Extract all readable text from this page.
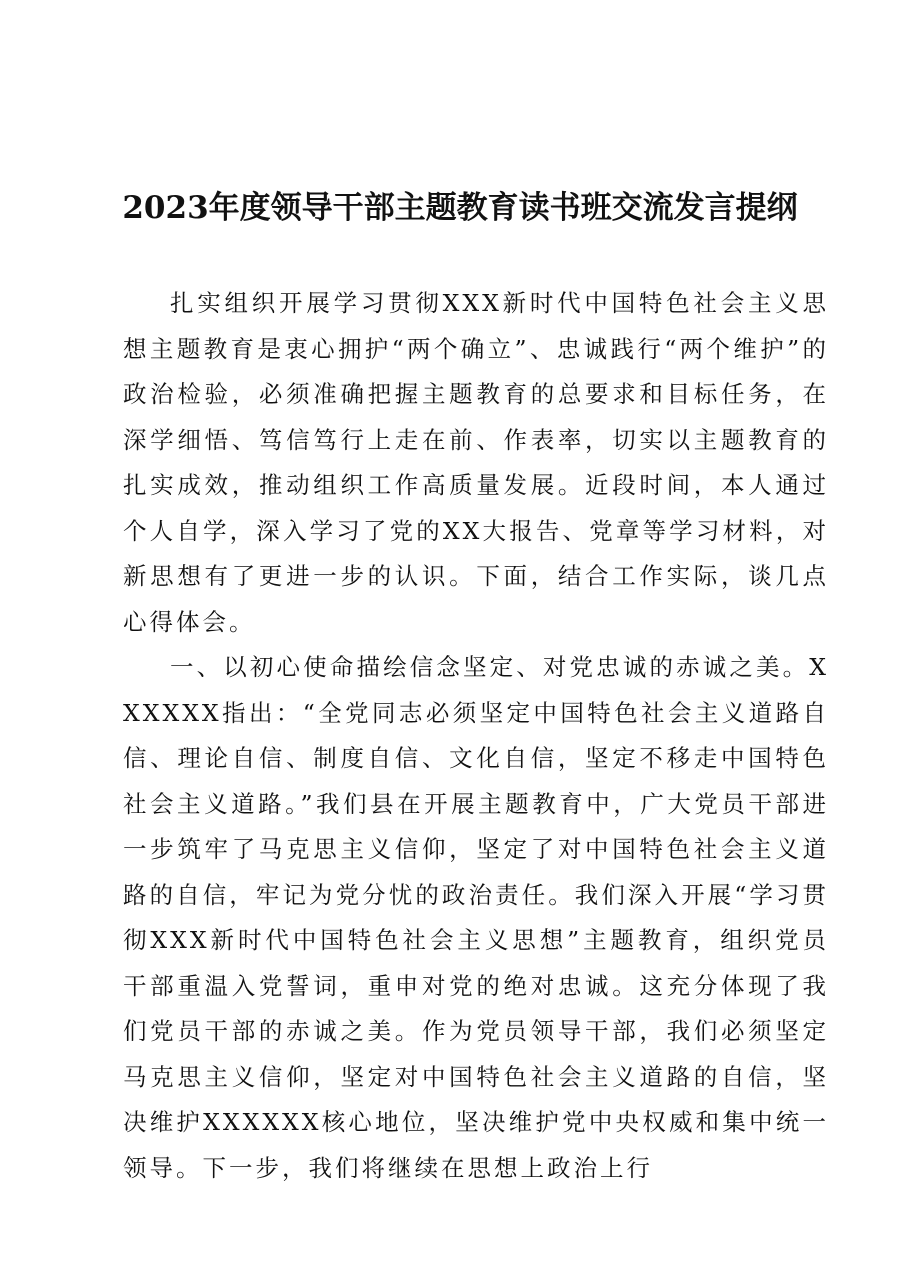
2023年度领导干部主题教育读书班交流发言提纲

扎实组织开展学习贯彻XXX新时代中国特色社会主义思想主题教育是衷心拥护“两个确立”、忠诚践行“两个维护”的政治检验，必须准确把握主题教育的总要求和目标任务，在深学细悟、笃信笃行上走在前、作表率，切实以主题教育的扎实成效，推动组织工作高质量发展。近段时间，本人通过个人自学，深入学习了党的XX大报告、党章等学习材料，对新思想有了更进一步的认识。下面，结合工作实际，谈几点心得体会。

一、以初心使命描绘信念坚定、对党忠诚的赤诚之美。XXXXXX指出：“全党同志必须坚定中国特色社会主义道路自信、理论自信、制度自信、文化自信，坚定不移走中国特色社会主义道路。”我们县在开展主题教育中，广大党员干部进一步筑牢了马克思主义信仰，坚定了对中国特色社会主义道路的自信，牢记为党分忧的政治责任。我们深入开展“学习贯彻XXX新时代中国特色社会主义思想”主题教育，组织党员干部重温入党誓词，重申对党的绝对忠诚。这充分体现了我们党员干部的赤诚之美。作为党员领导干部，我们必须坚定马克思主义信仰，坚定对中国特色社会主义道路的自信，坚决维护XXXXXX核心地位，坚决维护党中央权威和集中统一领导。下一步，我们将继续在思想上政治上行
